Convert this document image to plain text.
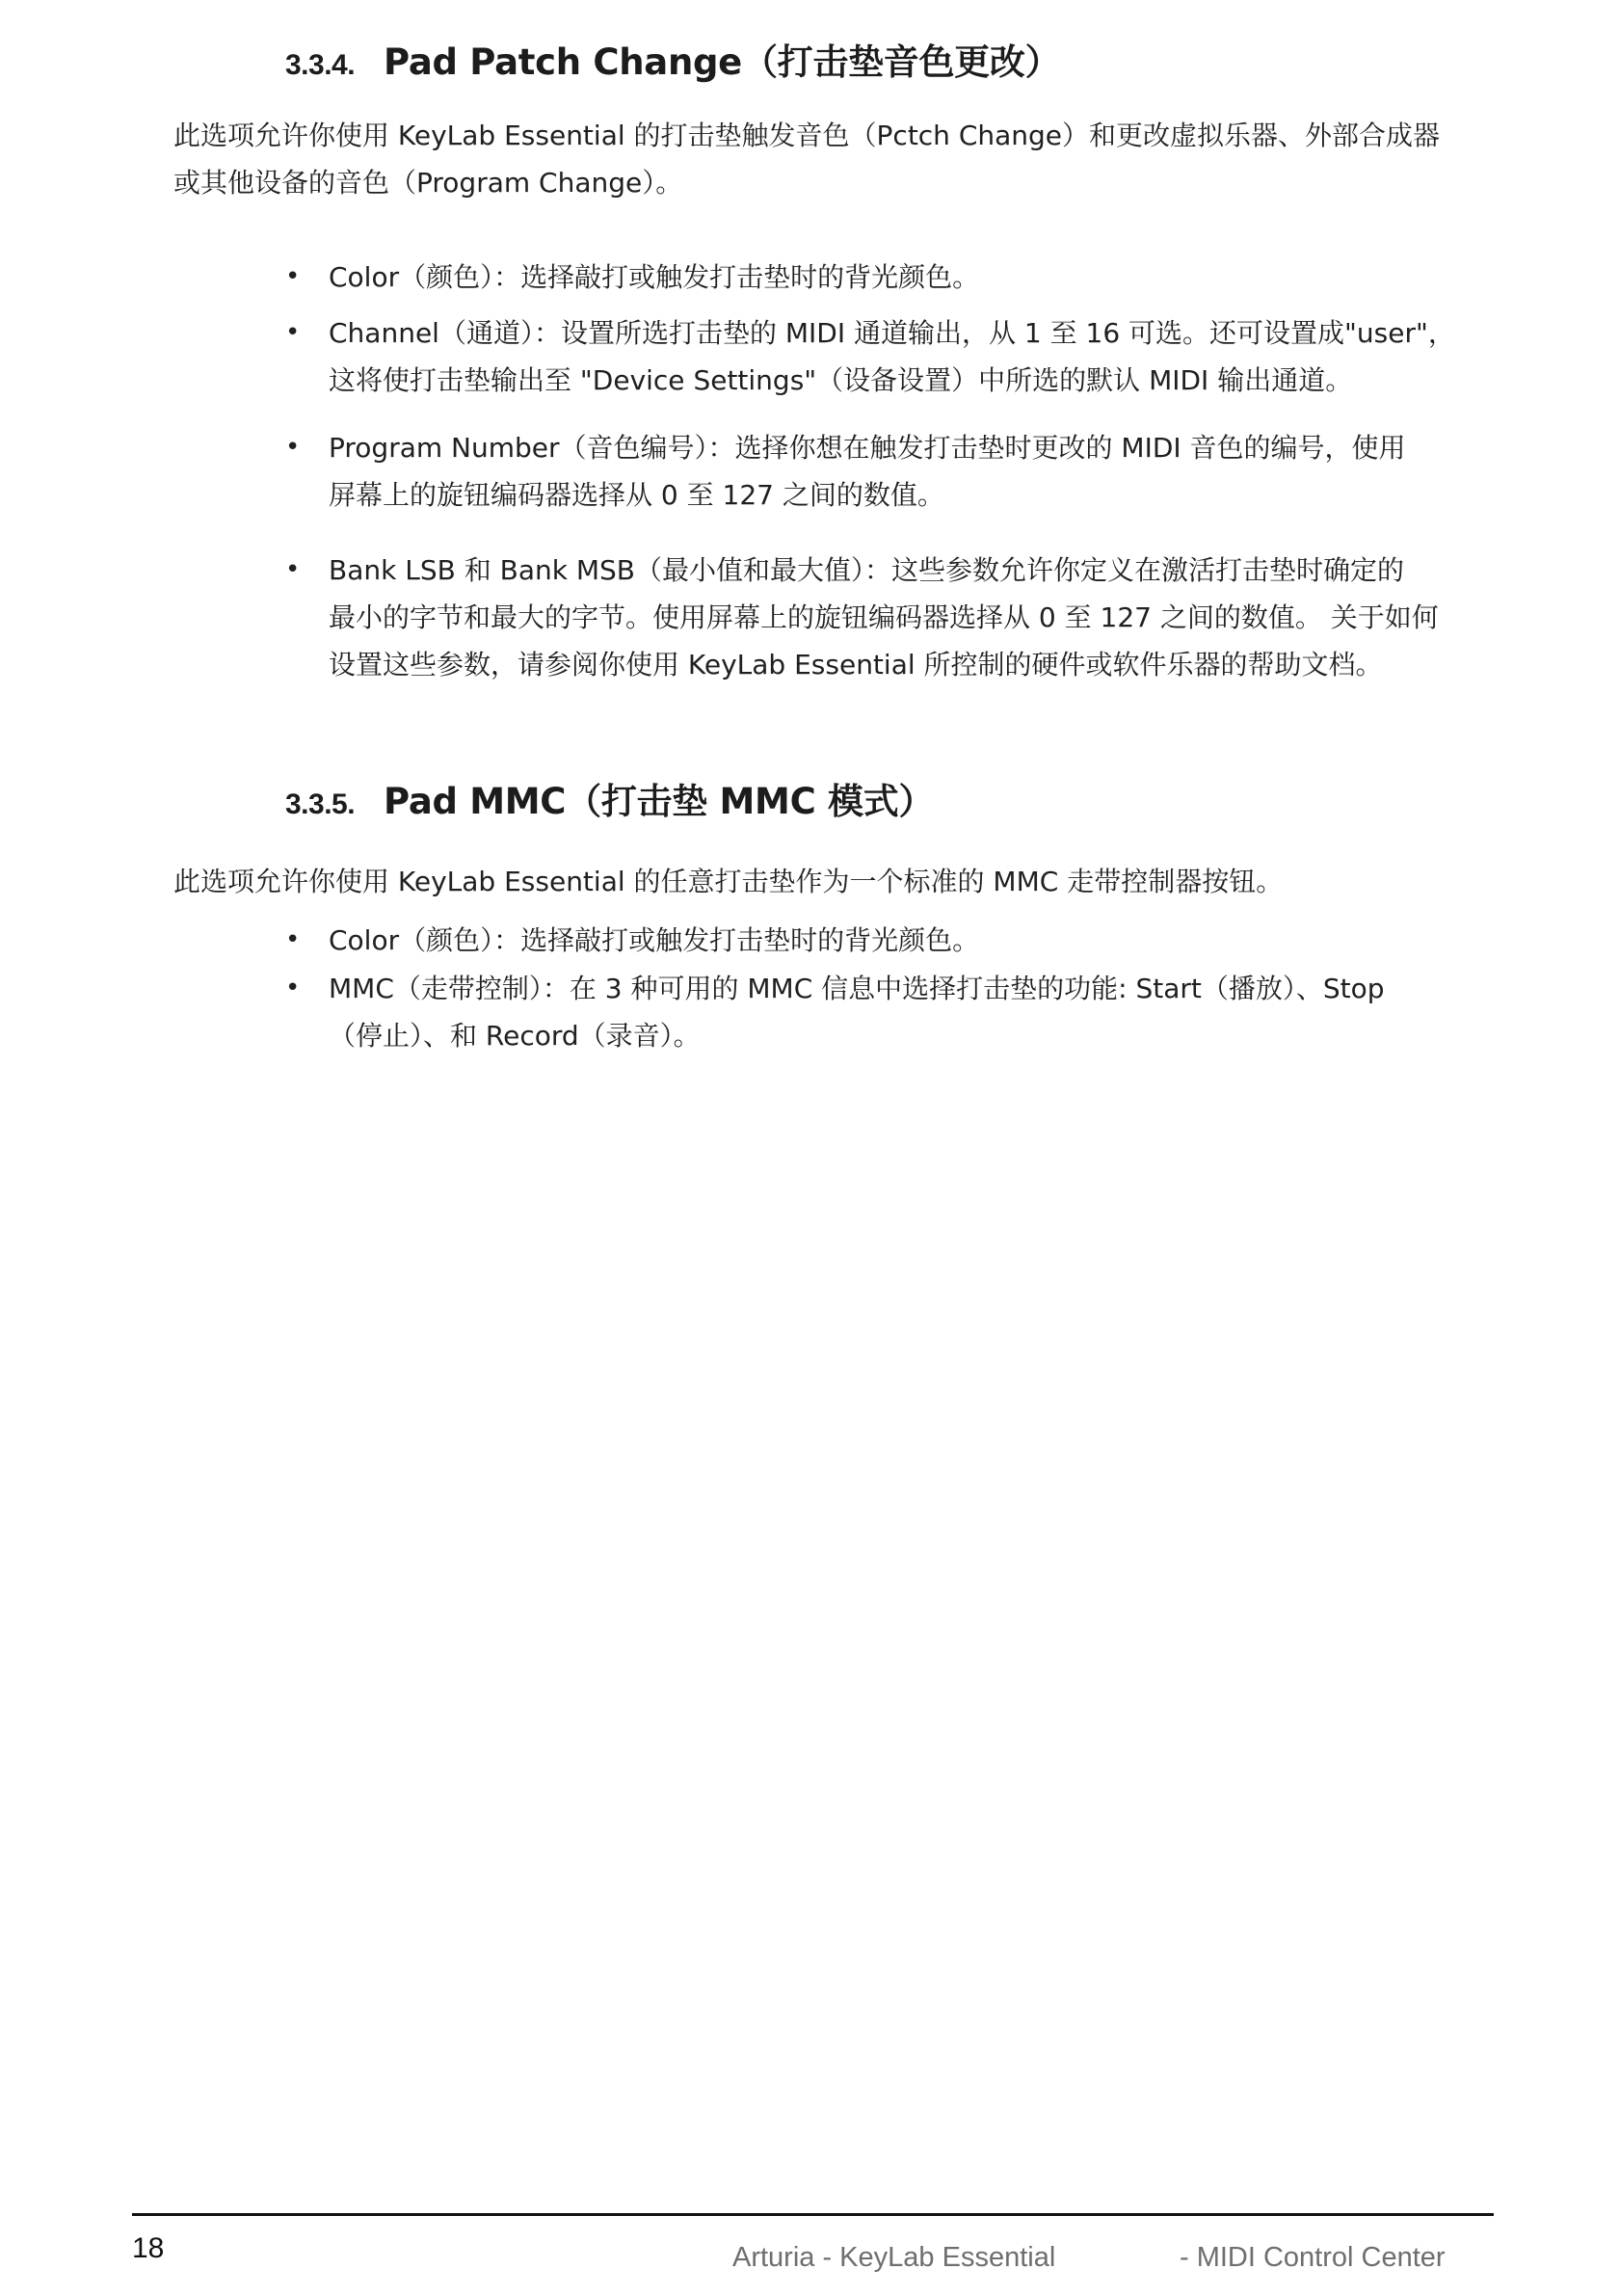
3.3.4. Pad Patch Change（打击垫音色更改）
此选项允许你使用 KeyLab Essential 的打击垫触发音色（Pctch Change）和更改虚拟乐器、外部合成器
或其他设备的音色（Program Change）。
• Color（颜色）：选择敲打或触发打击垫时的背光颜色。
• Channel（通道）：设置所选打击垫的 MIDI 通道输出，从 1 至 16 可选。还可设置成"user"，
这将使打击垫输出至 "Device Settings"（设备设置）中所选的默认 MIDI 输出通道。
• Program Number（音色编号）：选择你想在触发打击垫时更改的 MIDI 音色的编号，使用
屏幕上的旋钮编码器选择从 0 至 127 之间的数值。
• Bank LSB 和 Bank MSB（最小值和最大值）：这些参数允许你定义在激活打击垫时确定的
最小的字节和最大的字节。使用屏幕上的旋钮编码器选择从 0 至 127 之间的数值。 关于如何
设置这些参数，请参阅你使用 KeyLab Essential 所控制的硬件或软件乐器的帮助文档。
3.3.5. Pad MMC（打击垫 MMC 模式）
此选项允许你使用 KeyLab Essential 的任意打击垫作为一个标准的 MMC 走带控制器按钮。
• Color（颜色）：选择敲打或触发打击垫时的背光颜色。
• MMC（走带控制）：在 3 种可用的 MMC 信息中选择打击垫的功能: Start（播放）、Stop
（停止）、和 Record（录音）。
18	Arturia - KeyLab Essential	- MIDI Control Center
